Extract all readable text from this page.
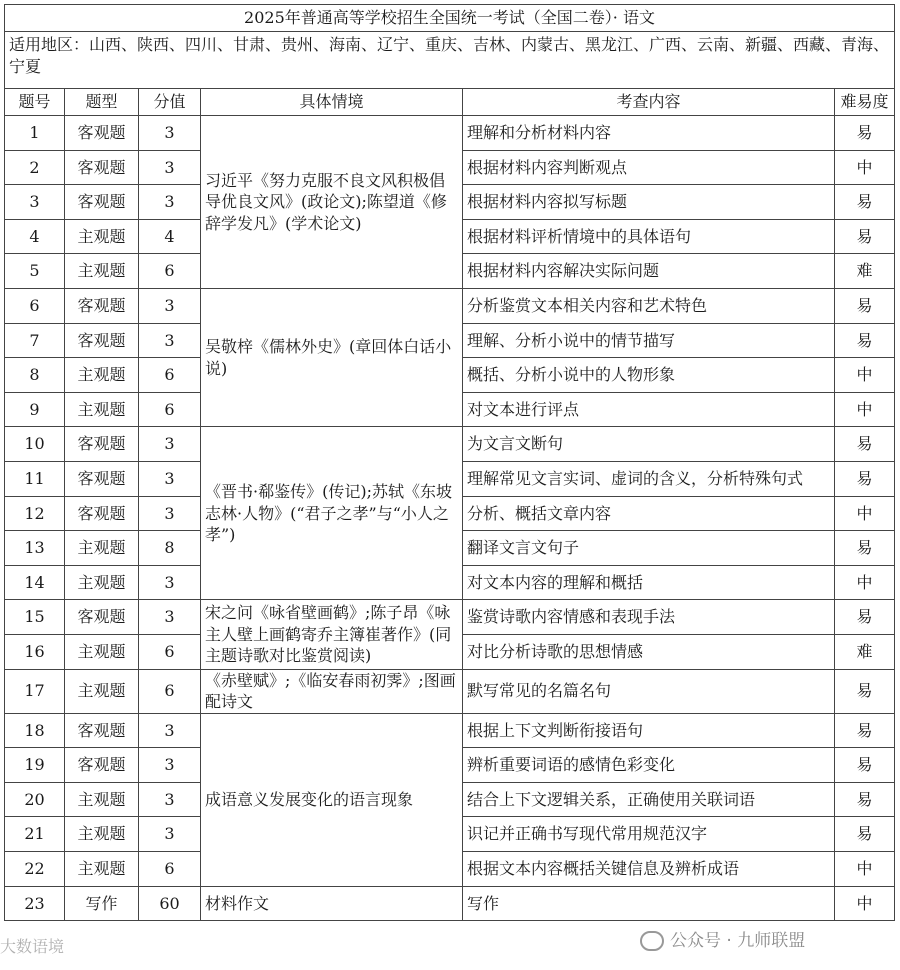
2025年普通高等学校招生全国统一考试（全国二卷）· 语文					
适用地区：山西、陕西、四川、甘肃、贵州、海南、辽宁、重庆、吉林、内蒙古、黑龙江、广西、云南、新疆、西藏、青海、宁夏					
题号	题型	分值	具体情境	考查内容	难易度
1	客观题	3	习近平《努力克服不良文风积极倡导优良文风》(政论文);陈望道《修辞学发凡》(学术论文)	理解和分析材料内容	易
2	客观题	3		根据材料内容判断观点	中
3	客观题	3		根据材料内容拟写标题	易
4	主观题	4		根据材料评析情境中的具体语句	易
5	主观题	6		根据材料内容解决实际问题	难
6	客观题	3	吴敬梓《儒林外史》(章回体白话小说)	分析鉴赏文本相关内容和艺术特色	易
7	客观题	3		理解、分析小说中的情节描写	易
8	主观题	6		概括、分析小说中的人物形象	中
9	主观题	6		对文本进行评点	中
10	客观题	3	《晋书·郗鉴传》(传记);苏轼《东坡志林·人物》(“君子之孝”与“小人之孝”)	为文言文断句	易
11	客观题	3		理解常见文言实词、虚词的含义，分析特殊句式	易
12	客观题	3		分析、概括文章内容	中
13	主观题	8		翻译文言文句子	易
14	主观题	3		对文本内容的理解和概括	中
15	客观题	3	宋之问《咏省壁画鹤》;陈子昂《咏主人壁上画鹤寄乔主簿崔著作》(同主题诗歌对比鉴赏阅读)	鉴赏诗歌内容情感和表现手法	易
16	主观题	6		对比分析诗歌的思想情感	难
17	主观题	6	《赤壁赋》;《临安春雨初霁》;图画配诗文	默写常见的名篇名句	易
18	客观题	3	成语意义发展变化的语言现象	根据上下文判断衔接语句	易
19	客观题	3		辨析重要词语的感情色彩变化	易
20	主观题	3		结合上下文逻辑关系，正确使用关联词语	易
21	主观题	3		识记并正确书写现代常用规范汉字	易
22	主观题	6		根据文本内容概括关键信息及辨析成语	中
23	写作	60	材料作文	写作	中
大数语境	公众号 · 九师联盟
